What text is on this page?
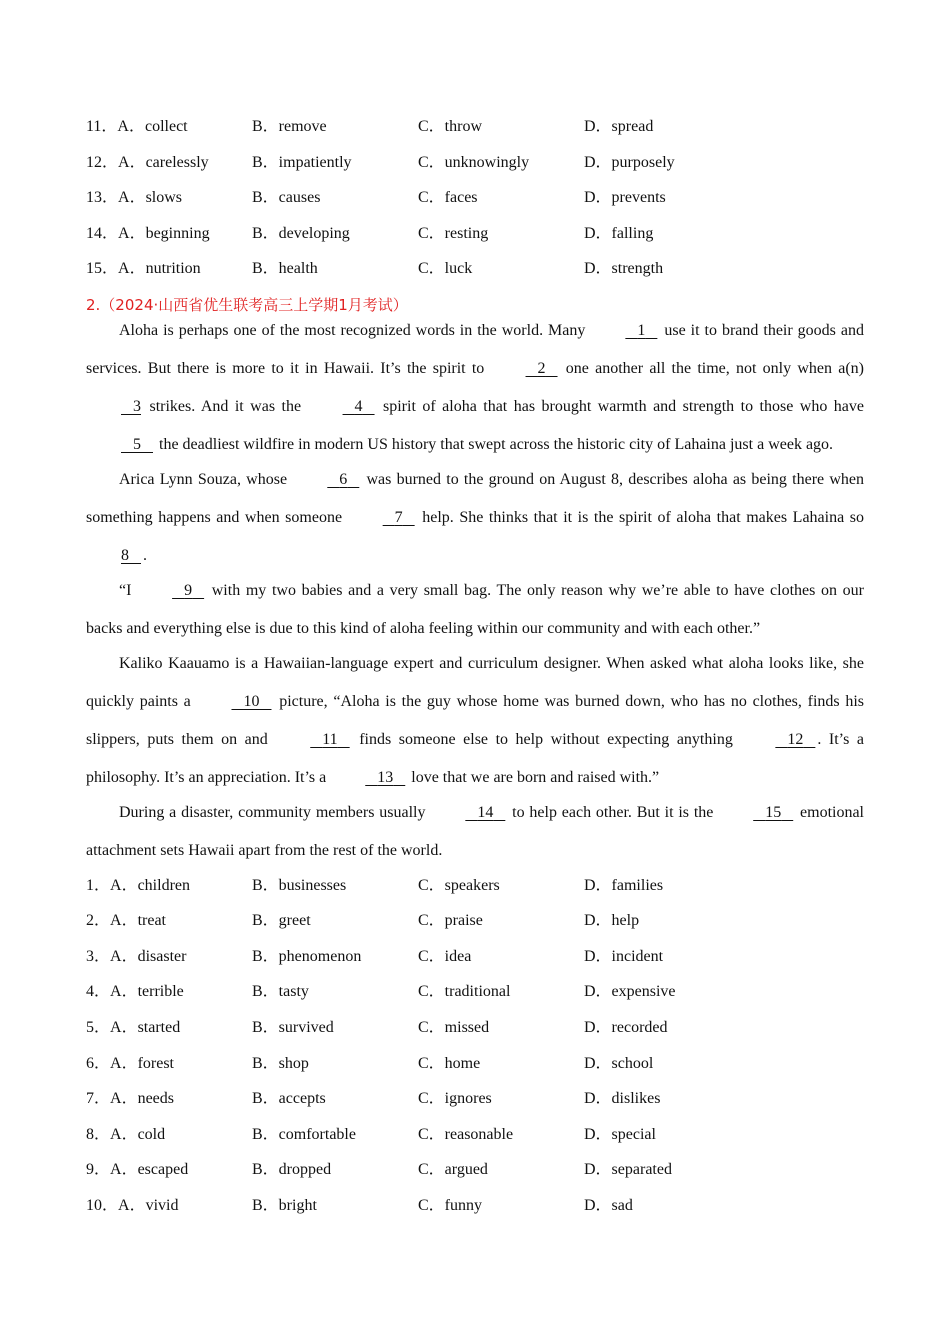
11．A．collect	B．remove	C．throw	D．spread
12．A．carelessly	B．impatiently	C．unknowingly	D．purposely
13．A．slows	B．causes	C．faces	D．prevents
14．A．beginning	B．developing	C．resting	D．falling
15．A．nutrition	B．health	C．luck	D．strength
2.（2024·山西省优生联考高三上学期1月考试）

Aloha is perhaps one of the most recognized words in the world. Many	1    use it to brand their goods and services. But there is more to it in Hawaii. It’s the spirit to	2    one another all the time, not only when a(n)   3 strikes. And it was the	4    spirit of aloha that has brought warmth and strength to those who have    5    the deadliest wildfire in modern US history that swept across the historic city of Lahaina just a week ago.

Arica Lynn Souza, whose	6    was burned to the ground on August 8, describes aloha as being there when something happens and when someone	7    help. She thinks that it is the spirit of aloha that makes Lahaina so 8 .

“I	9    with my two babies and a very small bag. The only reason why we’re able to have clothes on our backs and everything else is due to this kind of aloha feeling within our community and with each other.”

Kaliko Kaauamo is a Hawaiian-language expert and curriculum designer. When asked what aloha looks like, she quickly paints a	10    picture, “Aloha is the guy whose home was burned down, who has no clothes, finds his slippers, puts them on and	11    finds someone else to help without expecting anything	12 . It’s a philosophy. It’s an appreciation. It’s a	13    love that we are born and raised with.”

During a disaster, community members usually	14    to help each other. But it is the	15    emotional attachment sets Hawaii apart from the rest of the world.

1．A．children	B．businesses	C．speakers	D．families
2．A．treat	B．greet	C．praise	D．help
3．A．disaster	B．phenomenon	C．idea	D．incident
4．A．terrible	B．tasty	C．traditional	D．expensive
5．A．started	B．survived	C．missed	D．recorded
6．A．forest	B．shop	C．home	D．school
7．A．needs	B．accepts	C．ignores	D．dislikes
8．A．cold	B．comfortable	C．reasonable	D．special
9．A．escaped	B．dropped	C．argued	D．separated
10．A．vivid	B．bright	C．funny	D．sad
